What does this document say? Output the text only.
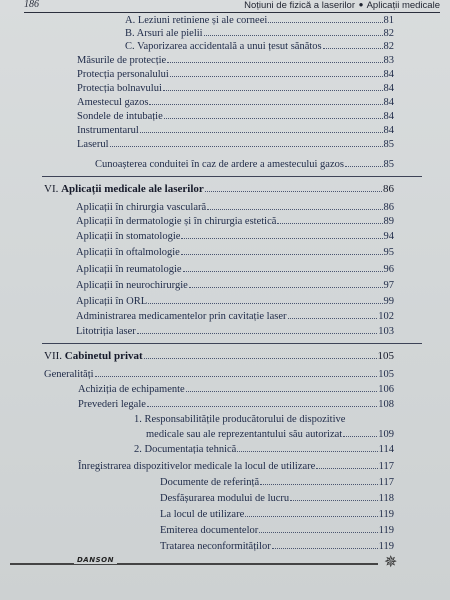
186	Noțiuni de fizică a laserilor ● Aplicații medicale
A. Leziuni retiniene și ale corneei	81
B. Arsuri ale pielii	82
C. Vaporizarea accidentală a unui țesut sănătos	82
Măsurile de protecție	83
Protecția personalului	84
Protecția bolnavului	84
Amestecul gazos	84
Sondele de intubație	84
Instrumentarul	84
Laserul	85
Cunoașterea conduitei în caz de ardere a amestecului gazos	85
VI. Aplicații medicale ale laserilor	86
Aplicații în chirurgia vasculară	86
Aplicații în dermatologie și în chirurgia estetică	89
Aplicații în stomatologie	94
Aplicații în oftalmologie	95
Aplicații în reumatologie	96
Aplicații în neurochirurgie	97
Aplicații în ORL	99
Administrarea medicamentelor prin cavitație laser	102
Litotriția laser	103
VII. Cabinetul privat	105
Generalități	105
Achiziția de echipamente	106
Prevederi legale	108
1. Responsabilitățile producătorului de dispozitive
medicale sau ale reprezentantului său autorizat	109
2. Documentația tehnică	114
Înregistrarea dispozitivelor medicale la locul de utilizare	117
Documente de referință	117
Desfășurarea modului de lucru	118
La locul de utilizare	119
Emiterea documentelor	119
Tratarea neconformităților	119
DANSON	✵
